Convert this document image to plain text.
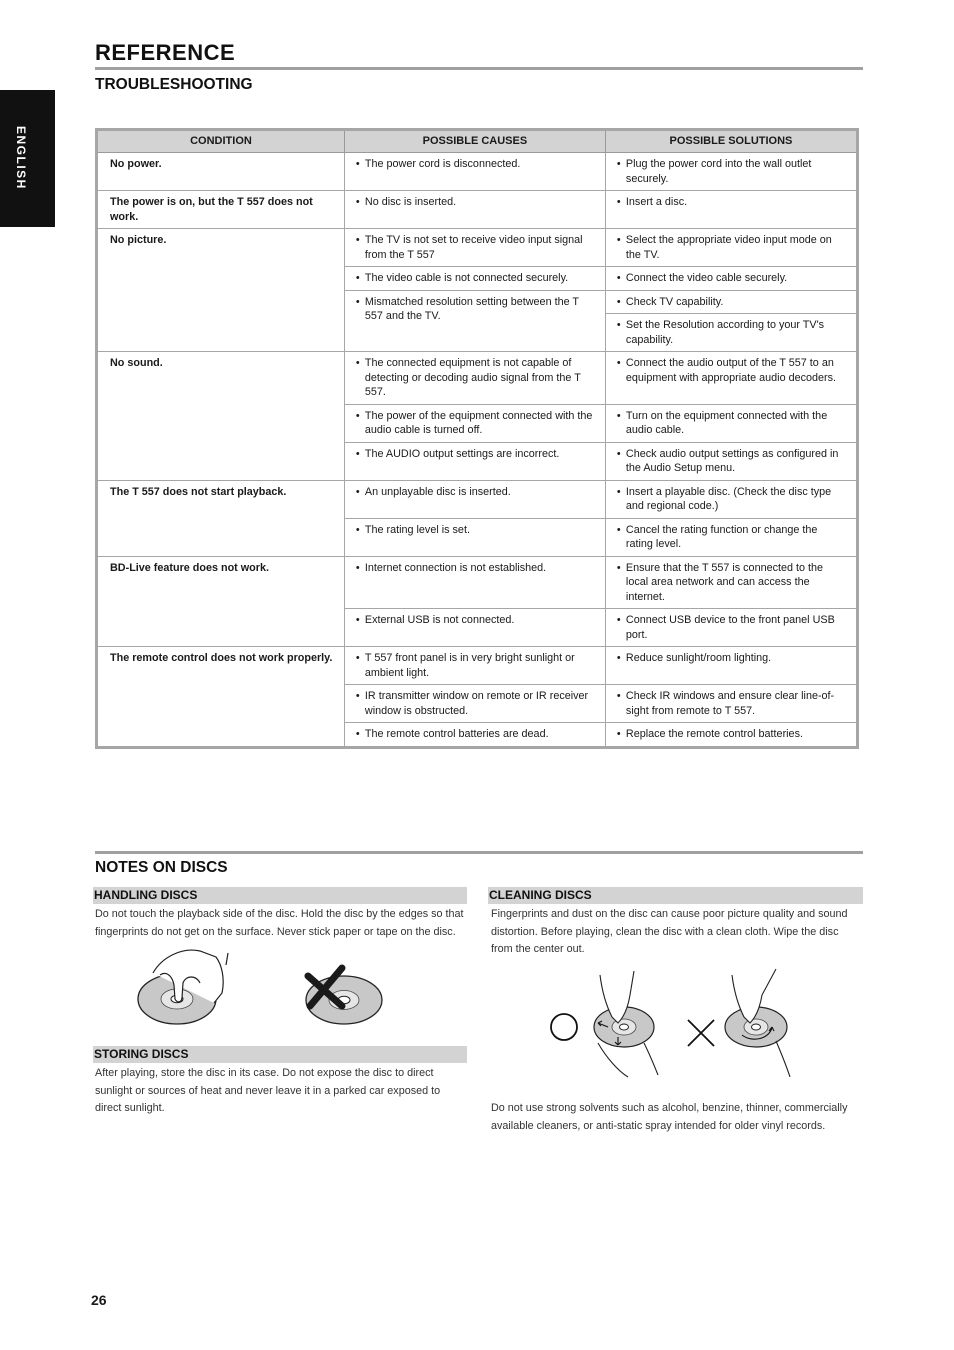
ENGLISH
REFERENCE
TROUBLESHOOTING
CONDITION	POSSIBLE CAUSES	POSSIBLE SOLUTIONS
No power.	• The power cord is disconnected.	• Plug the power cord into the wall outlet securely.
The power is on, but the T 557 does not work.	• No disc is inserted.	• Insert a disc.
No picture.	• The TV is not set to receive video input signal from the T 557	• Select the appropriate video input mode on the TV.
	• The video cable is not connected securely.	• Connect the video cable securely.
	• Mismatched resolution setting between the T 557 and the TV.	• Check TV capability.
		• Set the Resolution according to your TV's capability.
No sound.	• The connected equipment is not capable of detecting or decoding audio signal from the T 557.	• Connect the audio output of the T 557 to an equipment with appropriate audio decoders.
	• The power of the equipment connected with the audio cable is turned off.	• Turn on the equipment connected with the audio cable.
	• The AUDIO output settings are incorrect.	• Check audio output settings as configured in the Audio Setup menu.
The T 557 does not start playback.	• An unplayable disc is inserted.	• Insert a playable disc. (Check the disc type and regional code.)
	• The rating level is set.	• Cancel the rating function or change the rating level.
BD-Live feature does not work.	• Internet connection is not established.	• Ensure that the T 557 is connected to the local area network and can access the internet.
	• External USB is not connected.	• Connect USB device to the front panel USB port.
The remote control does not work properly.	• T 557 front panel is in very bright sunlight or ambient light.	• Reduce sunlight/room lighting.
	• IR transmitter window on remote or IR receiver window is obstructed.	• Check IR windows and ensure clear line-of-sight from remote to T 557.
	• The remote control batteries are dead.	• Replace the remote control batteries.
NOTES ON DISCS
HANDLING DISCS
Do not touch the playback side of the disc. Hold the disc by the edges so that fingerprints do not get on the surface. Never stick paper or tape on the disc.
STORING DISCS
After playing, store the disc in its case. Do not expose the disc to direct sunlight or sources of heat and never leave it in a parked car exposed to direct sunlight.
CLEANING DISCS
Fingerprints and dust on the disc can cause poor picture quality and sound distortion. Before playing, clean the disc with a clean cloth. Wipe the disc from the center out.
Do not use strong solvents such as alcohol, benzine, thinner, commercially available cleaners, or anti-static spray intended for older vinyl records.
26
